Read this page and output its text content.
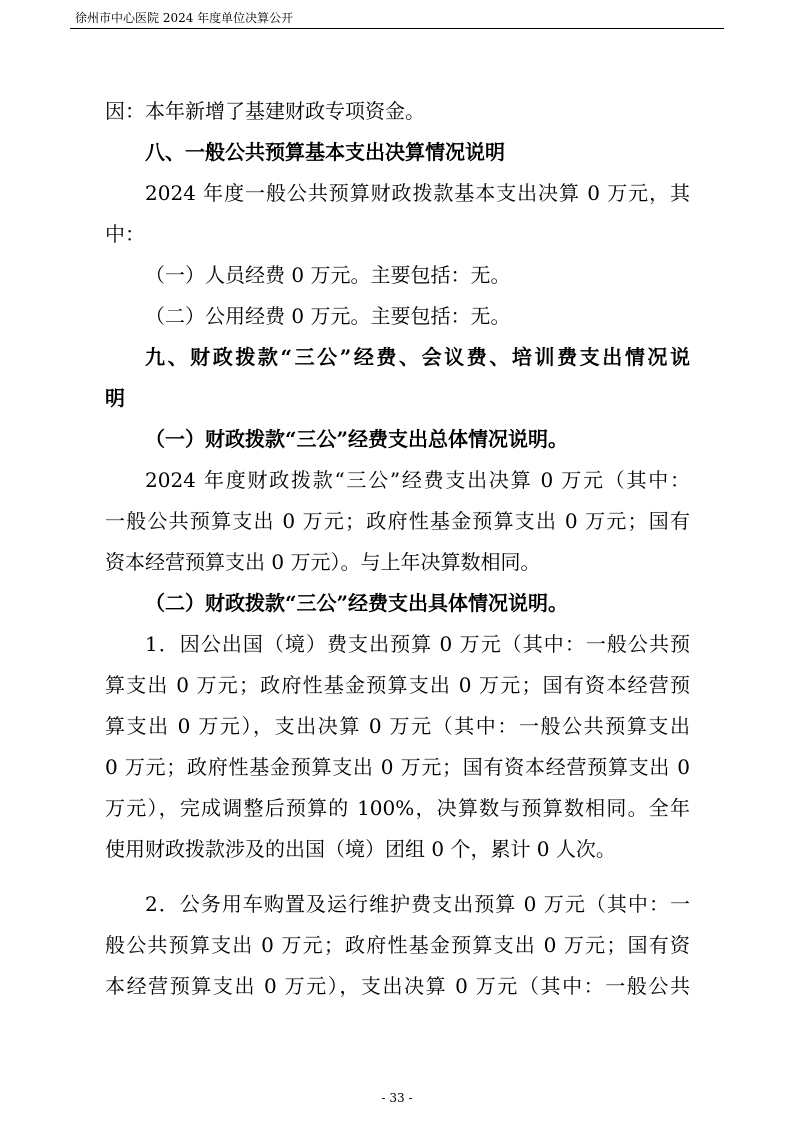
徐州市中心医院 2024 年度单位决算公开
因：本年新增了基建财政专项资金。
八、一般公共预算基本支出决算情况说明
2024 年度一般公共预算财政拨款基本支出决算 0 万元，其
中：
（一）人员经费 0 万元。主要包括：无。
（二）公用经费 0 万元。主要包括：无。
九、财政拨款“三公”经费、会议费、培训费支出情况说
明
（一）财政拨款“三公”经费支出总体情况说明。
2024 年度财政拨款“三公”经费支出决算 0 万元（其中：
一般公共预算支出 0 万元；政府性基金预算支出 0 万元；国有
资本经营预算支出 0 万元）。与上年决算数相同。
（二）财政拨款“三公”经费支出具体情况说明。
1．因公出国（境）费支出预算 0 万元（其中：一般公共预
算支出 0 万元；政府性基金预算支出 0 万元；国有资本经营预
算支出 0 万元），支出决算 0 万元（其中：一般公共预算支出
0 万元；政府性基金预算支出 0 万元；国有资本经营预算支出 0
万元），完成调整后预算的 100%，决算数与预算数相同。全年
使用财政拨款涉及的出国（境）团组 0 个，累计 0 人次。
2．公务用车购置及运行维护费支出预算 0 万元（其中：一
般公共预算支出 0 万元；政府性基金预算支出 0 万元；国有资
本经营预算支出 0 万元），支出决算 0 万元（其中：一般公共
- 33 -
